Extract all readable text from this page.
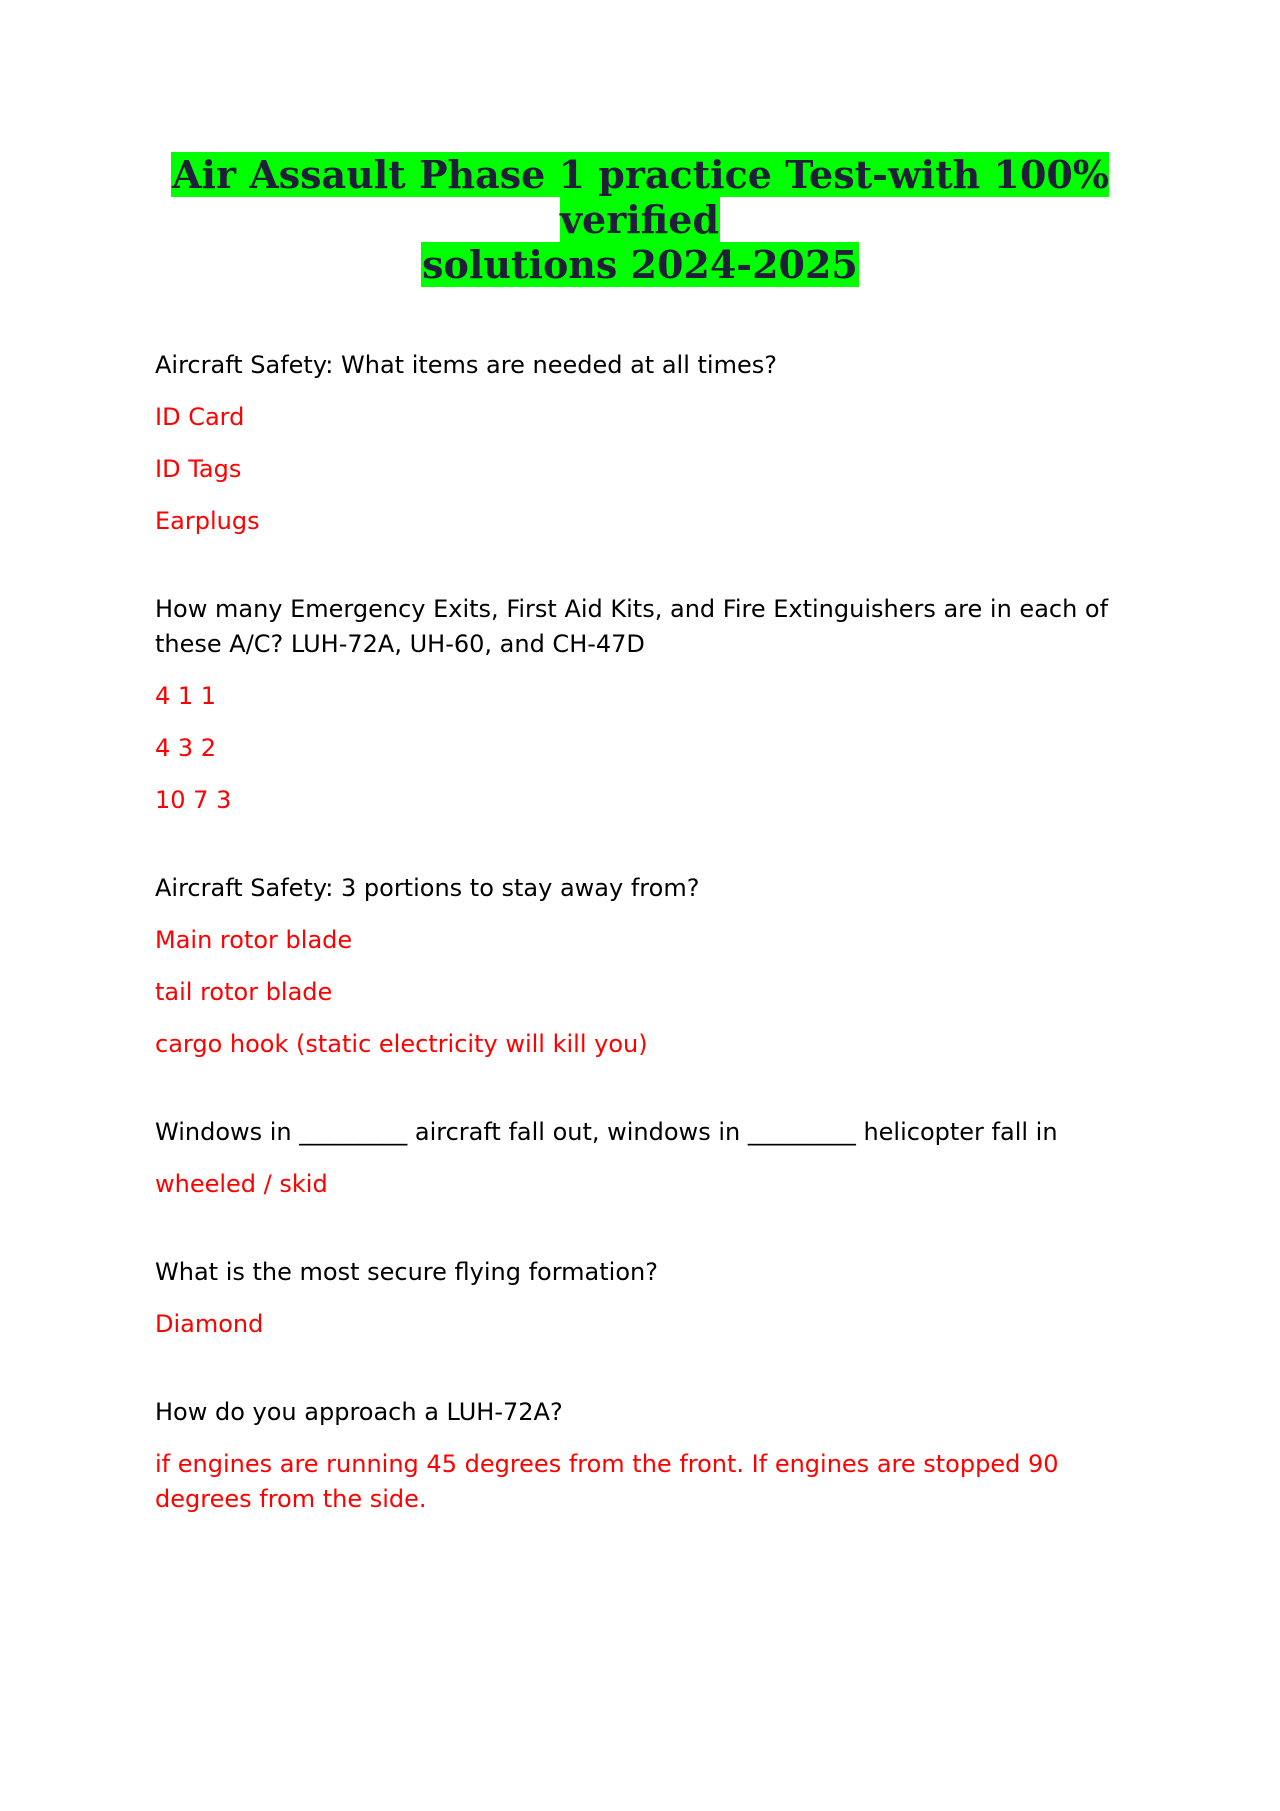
Air Assault Phase 1 practice Test-with 100% verified
solutions 2024-2025

Aircraft Safety: What items are needed at all times?

ID Card

ID Tags

Earplugs

How many Emergency Exits, First Aid Kits, and Fire Extinguishers are in each of these A/C? LUH-72A, UH-60, and CH-47D

4 1 1

4 3 2

10 7 3

Aircraft Safety: 3 portions to stay away from?

Main rotor blade

tail rotor blade

cargo hook (static electricity will kill you)

Windows in _________ aircraft fall out, windows in _________ helicopter fall in

wheeled / skid

What is the most secure flying formation?

Diamond

How do you approach a LUH-72A?

if engines are running 45 degrees from the front. If engines are stopped 90 degrees from the side.
